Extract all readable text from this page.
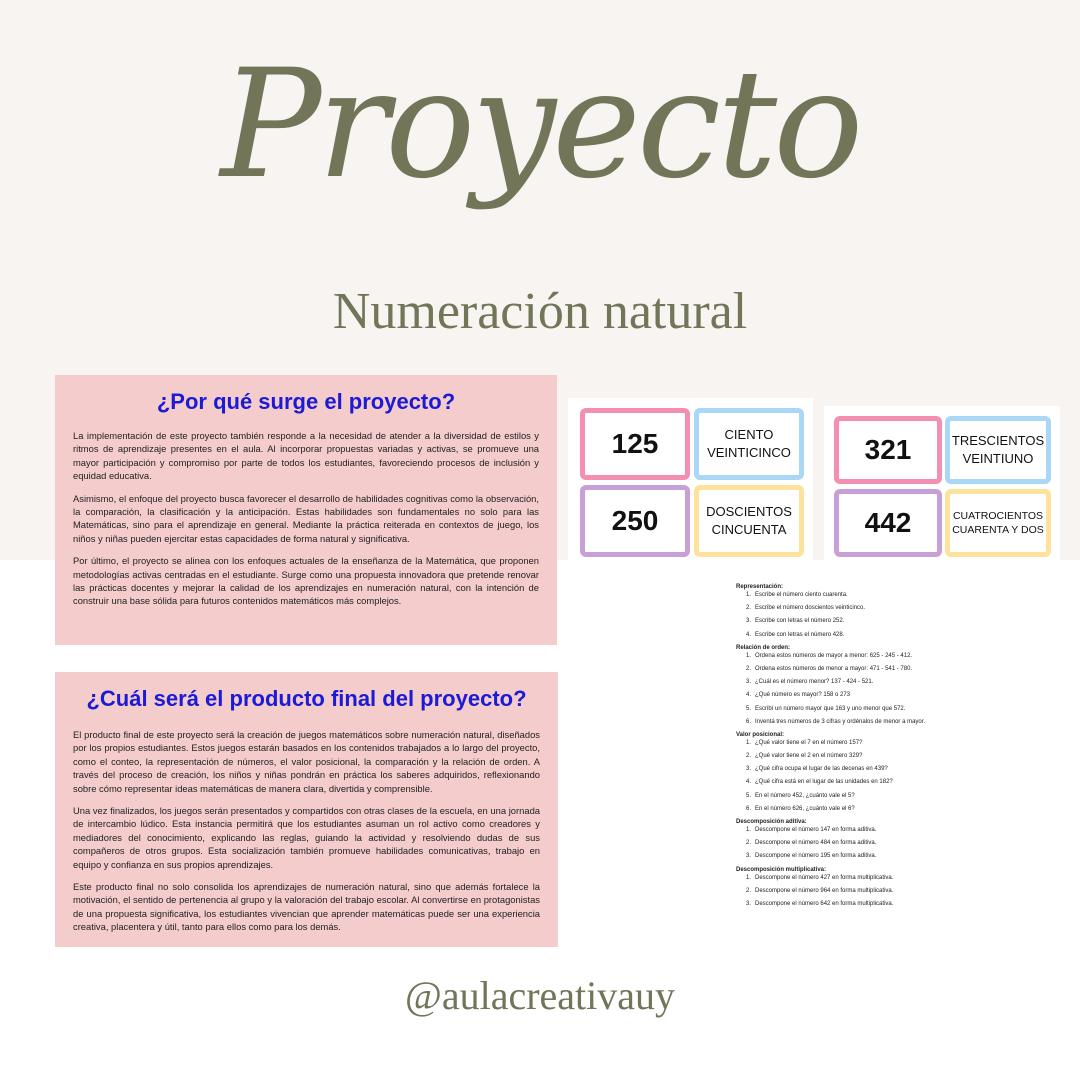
Proyecto
Numeración natural
¿Por qué surge el proyecto?

La implementación de este proyecto también responde a la necesidad de atender a la diversidad de estilos y ritmos de aprendizaje presentes en el aula. Al incorporar propuestas variadas y activas, se promueve una mayor participación y compromiso por parte de todos los estudiantes, favoreciendo procesos de inclusión y equidad educativa.

Asimismo, el enfoque del proyecto busca favorecer el desarrollo de habilidades cognitivas como la observación, la comparación, la clasificación y la anticipación. Estas habilidades son fundamentales no solo para las Matemáticas, sino para el aprendizaje en general. Mediante la práctica reiterada en contextos de juego, los niños y niñas pueden ejercitar estas capacidades de forma natural y significativa.

Por último, el proyecto se alinea con los enfoques actuales de la enseñanza de la Matemática, que proponen metodologías activas centradas en el estudiante. Surge como una propuesta innovadora que pretende renovar las prácticas docentes y mejorar la calidad de los aprendizajes en numeración natural, con la intención de construir una base sólida para futuros contenidos matemáticos más complejos.

¿Cuál será el producto final del proyecto?

El producto final de este proyecto será la creación de juegos matemáticos sobre numeración natural, diseñados por los propios estudiantes. Estos juegos estarán basados en los contenidos trabajados a lo largo del proyecto, como el conteo, la representación de números, el valor posicional, la comparación y la relación de orden. A través del proceso de creación, los niños y niñas pondrán en práctica los saberes adquiridos, reflexionando sobre cómo representar ideas matemáticas de manera clara, divertida y comprensible.

Una vez finalizados, los juegos serán presentados y compartidos con otras clases de la escuela, en una jornada de intercambio lúdico. Esta instancia permitirá que los estudiantes asuman un rol activo como creadores y mediadores del conocimiento, explicando las reglas, guiando la actividad y resolviendo dudas de sus compañeros de otros grupos. Esta socialización también promueve habilidades comunicativas, trabajo en equipo y confianza en sus propios aprendizajes.

Este producto final no solo consolida los aprendizajes de numeración natural, sino que además fortalece la motivación, el sentido de pertenencia al grupo y la valoración del trabajo escolar. Al convertirse en protagonistas de una propuesta significativa, los estudiantes vivencian que aprender matemáticas puede ser una experiencia creativa, placentera y útil, tanto para ellos como para los demás.

125	CIENTO VEINTICINCO
250	DOSCIENTOS CINCUENTA
321	TRESCIENTOS VEINTIUNO
442	CUATROCIENTOS CUARENTA Y DOS
Representación:
1. Escribe el número ciento cuarenta.
2. Escribe el número doscientos veinticinco.
3. Escribe con letras el número 252.
4. Escribe con letras el número 428.
Relación de orden:
1. Ordena estos números de mayor a menor: 625 - 245 - 412.
2. Ordena estos números de menor a mayor: 471 - 541 - 780.
3. ¿Cuál es el número menor? 137 - 424 - 521.
4. ¿Qué número es mayor? 158 o 273
5. Escribí un número mayor que 163 y uno menor que 572.
6. Inventá tres números de 3 cifras y ordénalos de menor a mayor.
Valor posicional:
1. ¿Qué valor tiene el 7 en el número 157?
2. ¿Qué valor tiene el 2 en el número 329?
3. ¿Qué cifra ocupa el lugar de las decenas en 439?
4. ¿Qué cifra está en el lugar de las unidades en 182?
5. En el número 452, ¿cuánto vale el 5?
6. En el número 626, ¿cuánto vale el 6?
Descomposición aditiva:
1. Descompone el número 147 en forma aditiva.
2. Descompone el número 484 en forma aditiva.
3. Descompone el número 195 en forma aditiva.
Descomposición multiplicativa:
1. Descompone el número 427 en forma multiplicativa.
2. Descompone el número 964 en forma multiplicativa.
3. Descompone el número 642 en forma multiplicativa.
@aulacreativauy
